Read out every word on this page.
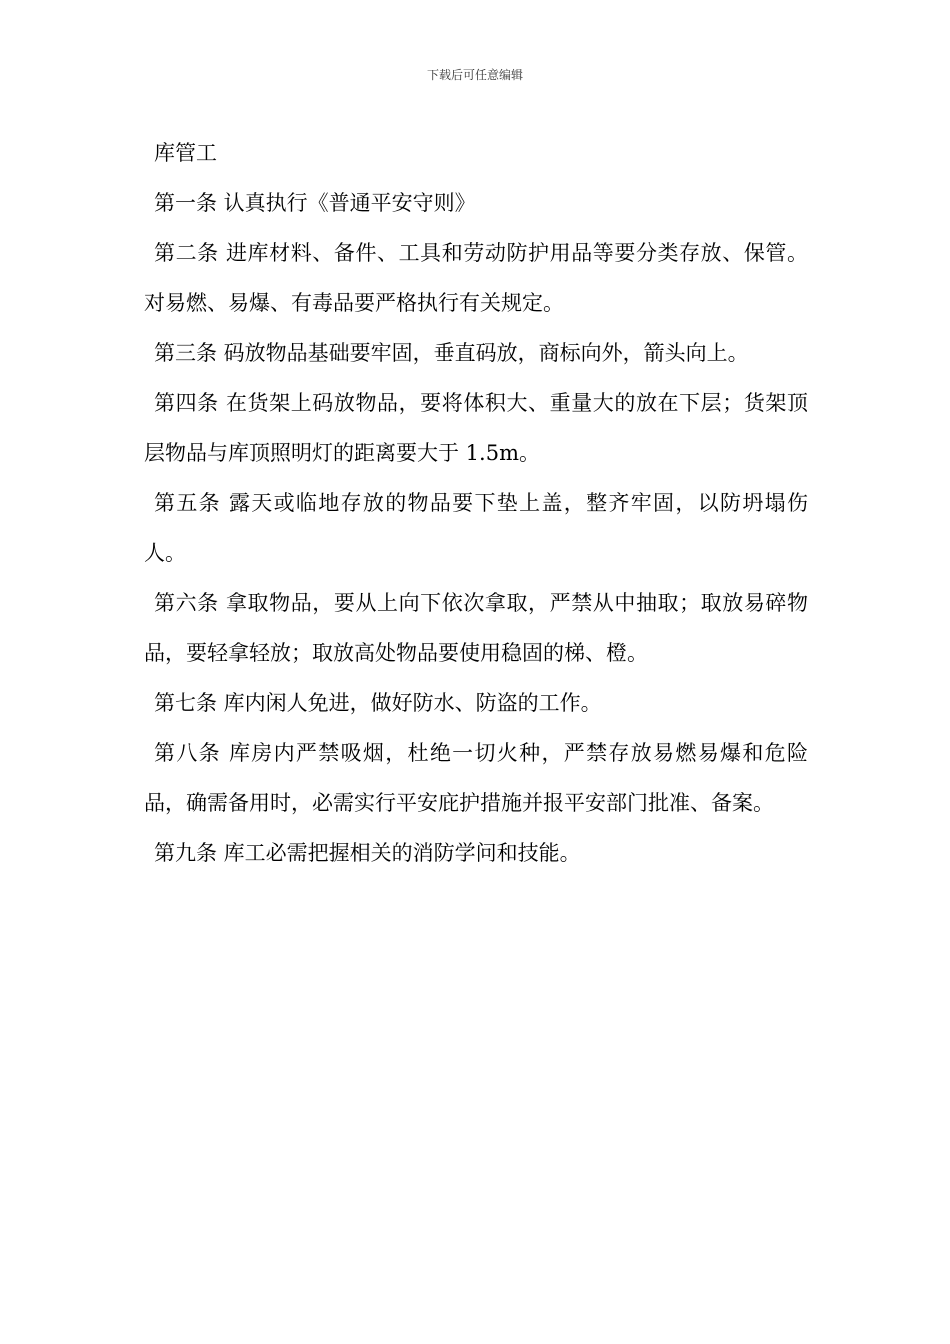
下载后可任意编辑

库管工

第一条 认真执行《普通平安守则》

第二条 进库材料、备件、工具和劳动防护用品等要分类存放、保管。对易燃、易爆、有毒品要严格执行有关规定。

第三条 码放物品基础要牢固，垂直码放，商标向外，箭头向上。

第四条 在货架上码放物品，要将体积大、重量大的放在下层；货架顶层物品与库顶照明灯的距离要大于 1.5m。

第五条 露天或临地存放的物品要下垫上盖，整齐牢固，以防坍塌伤人。

第六条 拿取物品，要从上向下依次拿取，严禁从中抽取；取放易碎物品，要轻拿轻放；取放高处物品要使用稳固的梯、橙。

第七条 库内闲人免进，做好防水、防盗的工作。

第八条 库房内严禁吸烟，杜绝一切火种，严禁存放易燃易爆和危险品，确需备用时，必需实行平安庇护措施并报平安部门批准、备案。

第九条 库工必需把握相关的消防学问和技能。
